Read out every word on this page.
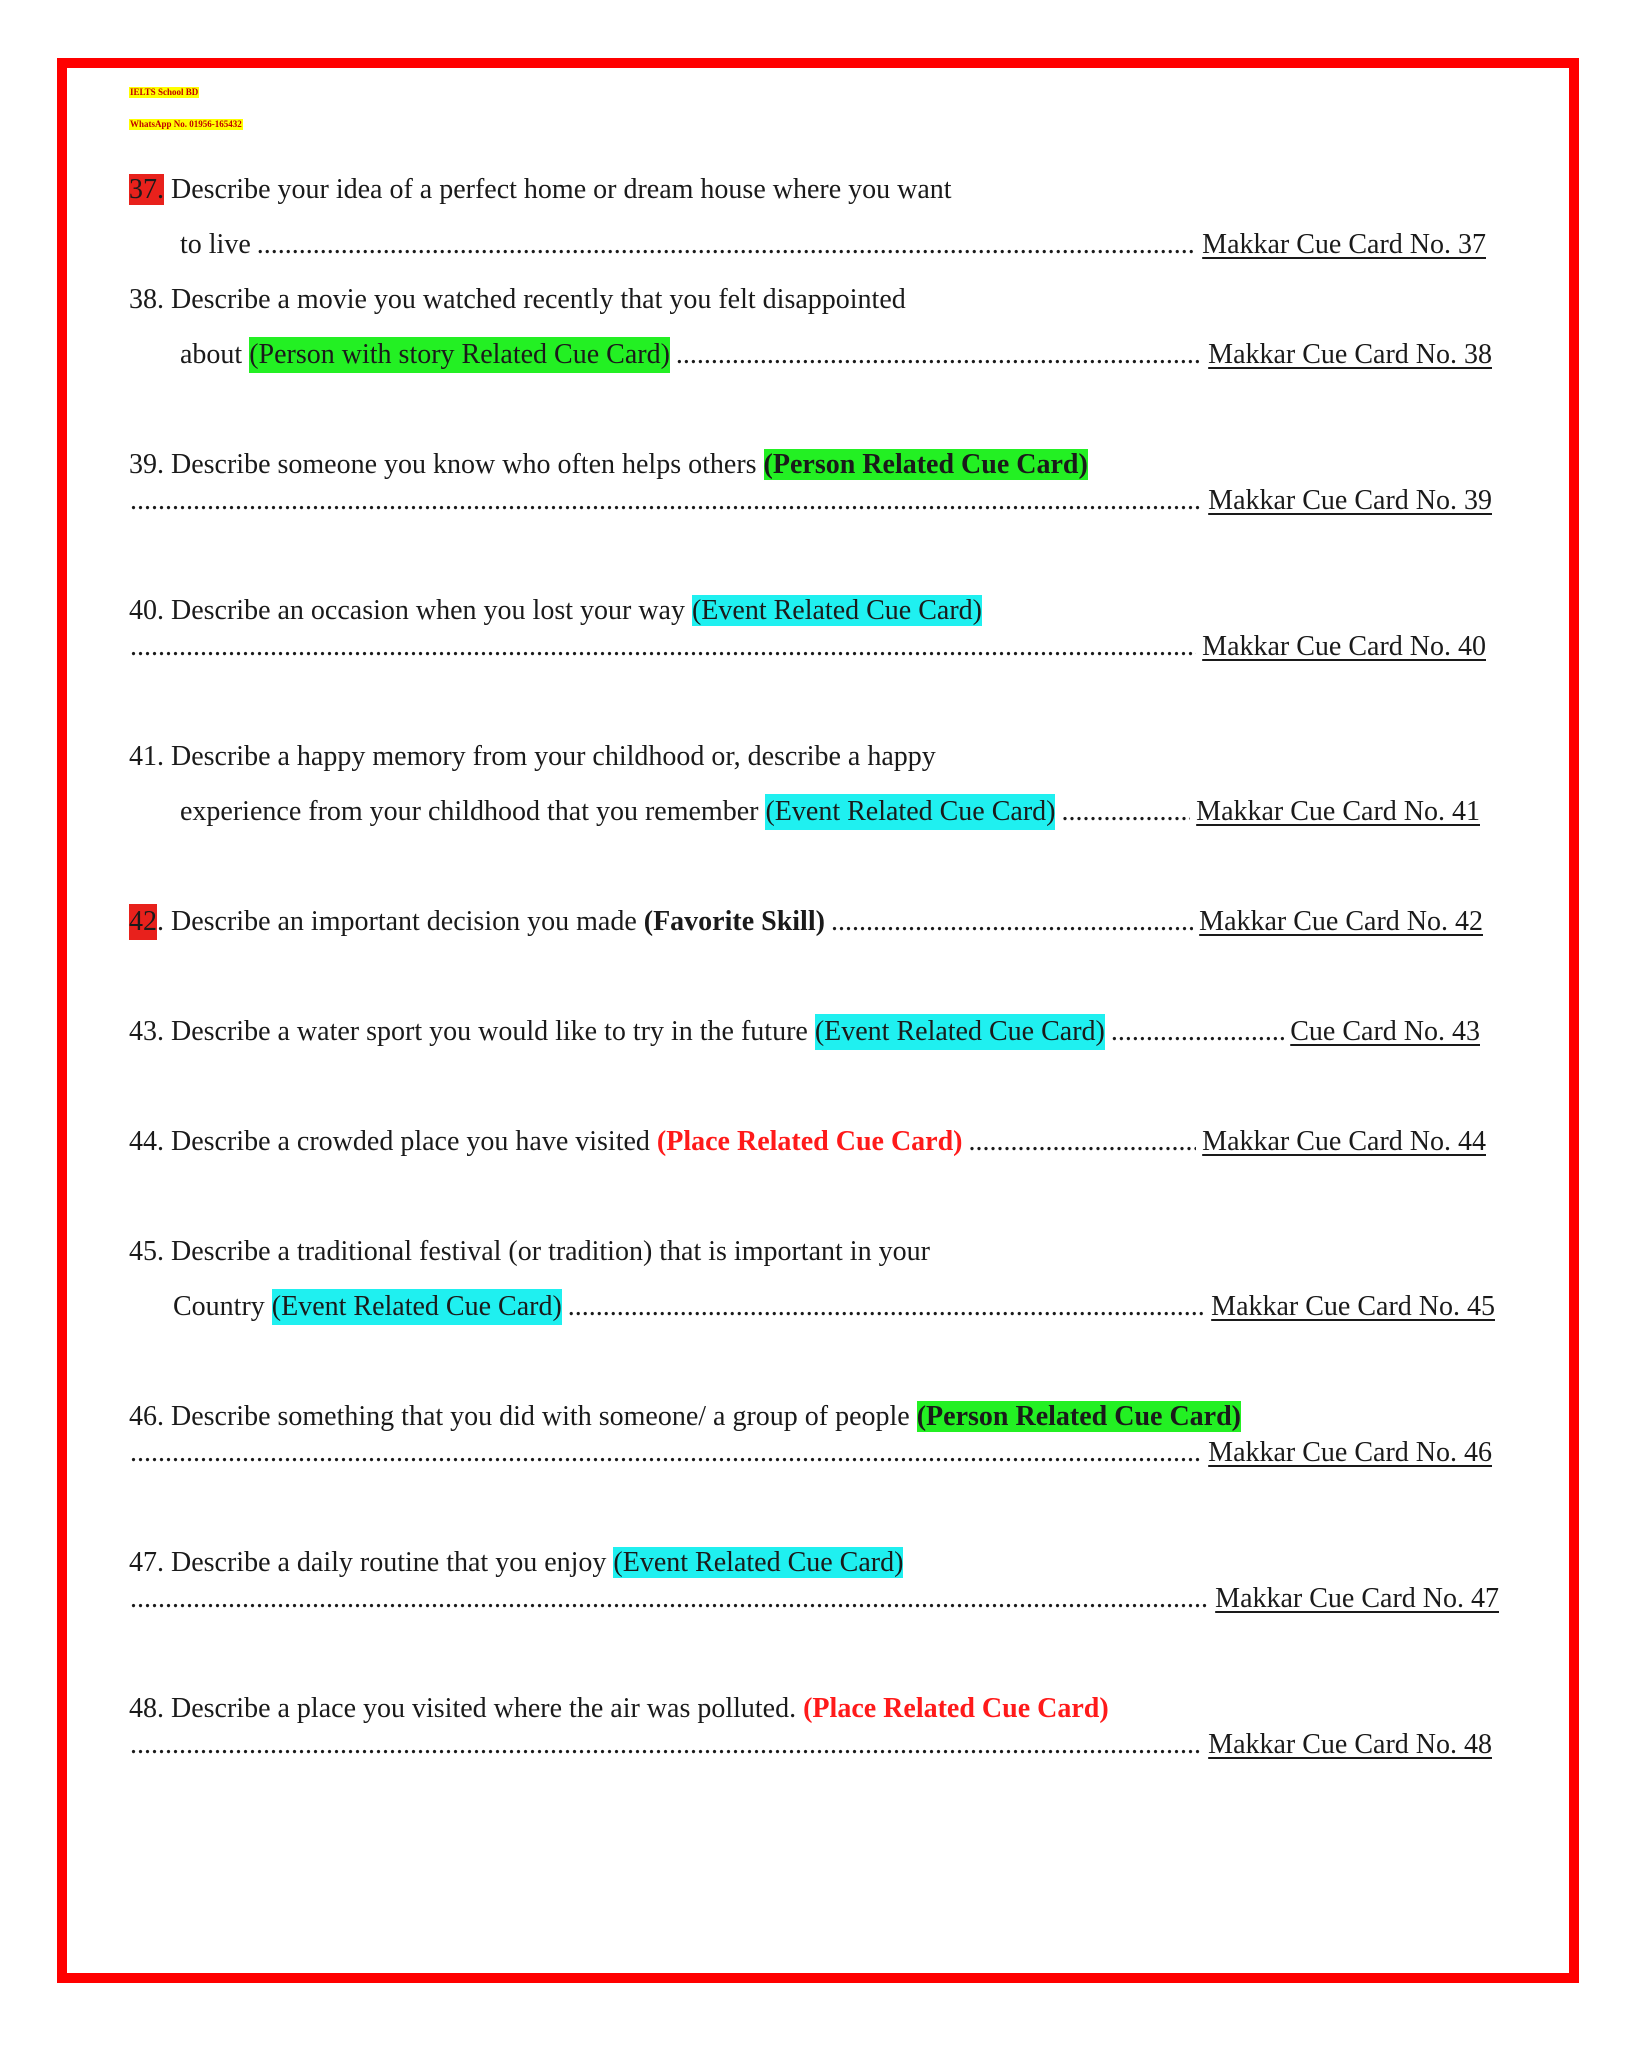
IELTS School BD
WhatsApp No. 01956-165432
37. Describe your idea of a perfect home or dream house where you want
to live .....	Makkar Cue Card No. 37
38. Describe a movie you watched recently that you felt disappointed
about (Person with story Related Cue Card) .....	Makkar Cue Card No. 38
39. Describe someone you know who often helps others (Person Related Cue Card)
.....
Makkar Cue Card No. 39
40. Describe an occasion when you lost your way (Event Related Cue Card)
.....
Makkar Cue Card No. 40
41. Describe a happy memory from your childhood or, describe a happy
experience from your childhood that you remember (Event Related Cue Card) .....	Makkar Cue Card No. 41
42 . Describe an important decision you made (Favorite Skill) .....	Makkar Cue Card No. 42
43. Describe a water sport you would like to try in the future (Event Related Cue Card) .....	Cue Card No. 43
44. Describe a crowded place you have visited (Place Related Cue Card) .....	Makkar Cue Card No. 44
45. Describe a traditional festival (or tradition) that is important in your
Country (Event Related Cue Card) .....	Makkar Cue Card No. 45
46. Describe something that you did with someone/ a group of people (Person Related Cue Card)
.....
Makkar Cue Card No. 46
47. Describe a daily routine that you enjoy (Event Related Cue Card)
.....
Makkar Cue Card No. 47
48. Describe a place you visited where the air was polluted. (Place Related Cue Card)
.....
Makkar Cue Card No. 48
